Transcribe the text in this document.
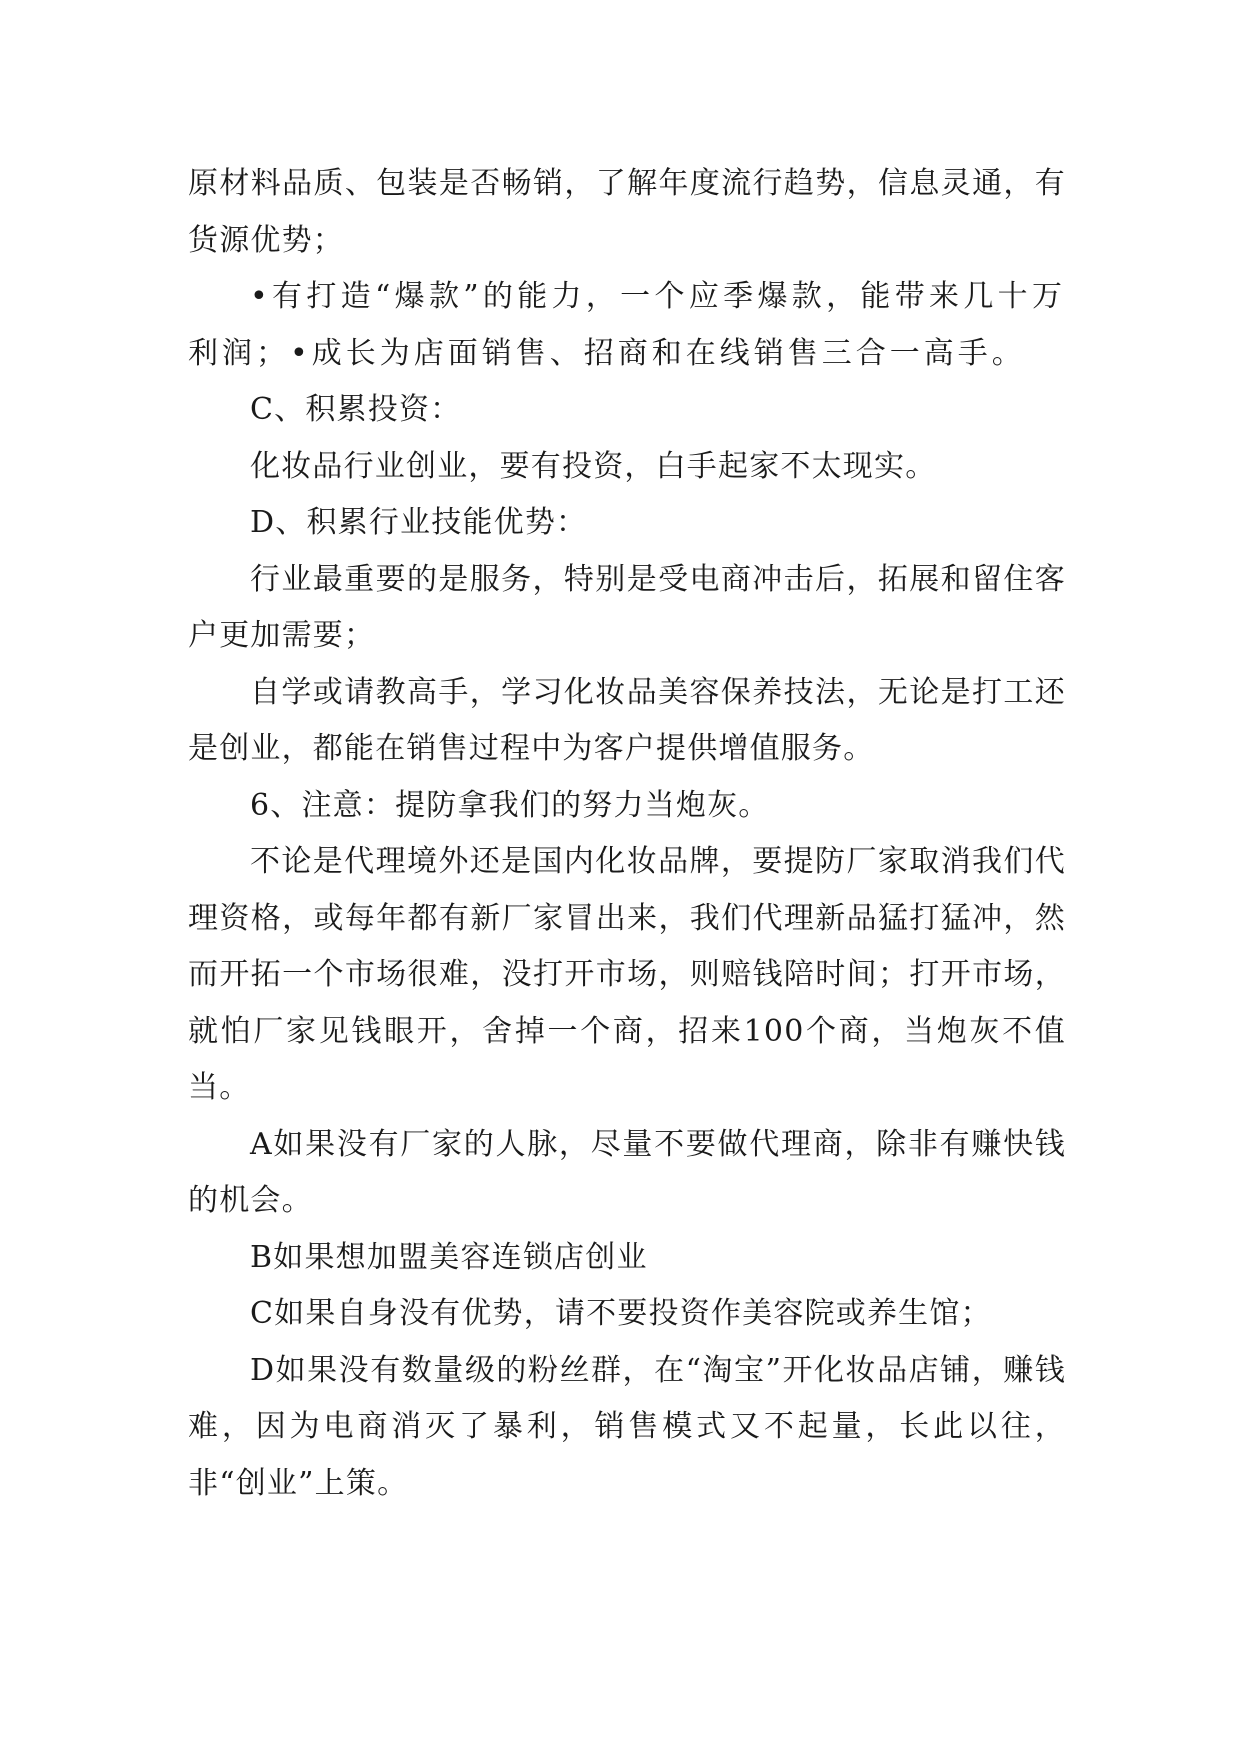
原材料品质、包装是否畅销，了解年度流行趋势，信息灵通，有货源优势；

•有打造“爆款”的能力，一个应季爆款，能带来几十万利润；•成长为店面销售、招商和在线销售三合一高手。

C、积累投资：

化妆品行业创业，要有投资，白手起家不太现实。

D、积累行业技能优势：

行业最重要的是服务，特别是受电商冲击后，拓展和留住客户更加需要；

自学或请教高手，学习化妆品美容保养技法，无论是打工还是创业，都能在销售过程中为客户提供增值服务。

6、注意：提防拿我们的努力当炮灰。

不论是代理境外还是国内化妆品牌，要提防厂家取消我们代理资格，或每年都有新厂家冒出来，我们代理新品猛打猛冲，然而开拓一个市场很难，没打开市场，则赔钱陪时间；打开市场，就怕厂家见钱眼开，舍掉一个商，招来100个商，当炮灰不值当。

A如果没有厂家的人脉，尽量不要做代理商，除非有赚快钱的机会。

B如果想加盟美容连锁店创业

C如果自身没有优势，请不要投资作美容院或养生馆；

D如果没有数量级的粉丝群，在“淘宝”开化妆品店铺，赚钱难，因为电商消灭了暴利，销售模式又不起量，长此以往，非“创业”上策。
